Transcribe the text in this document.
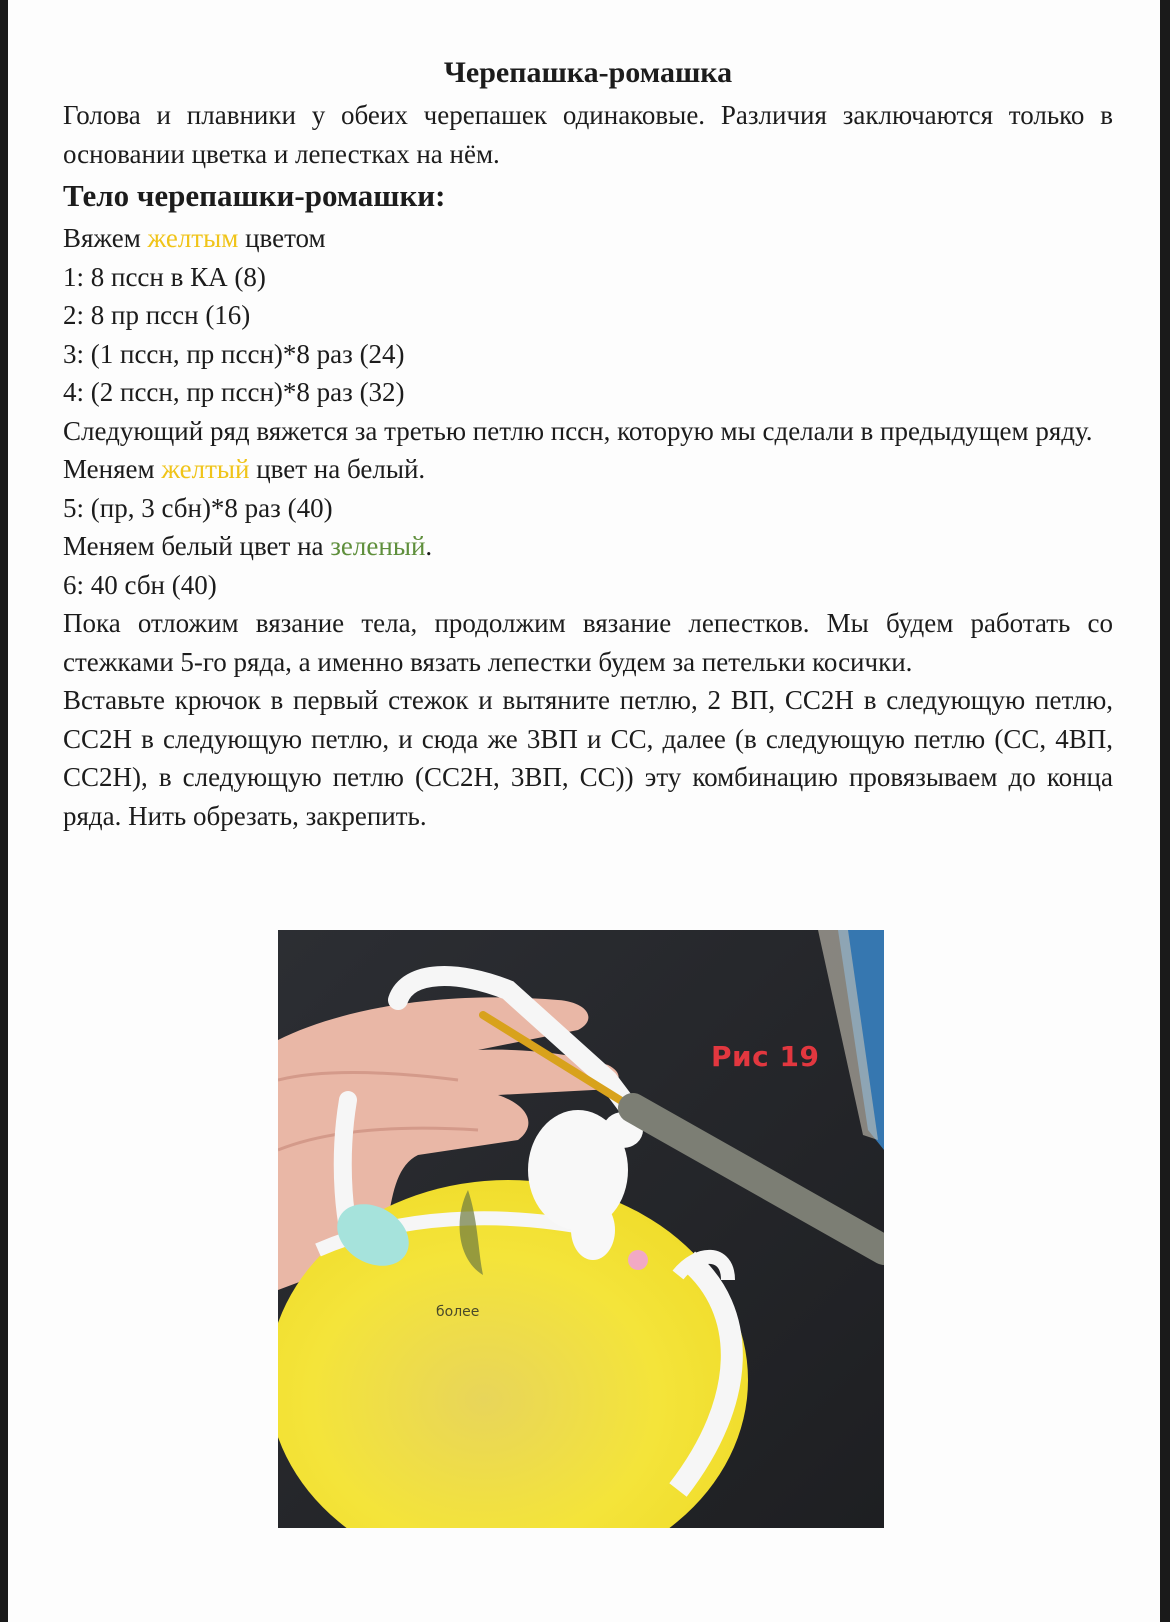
Черепашка-ромашка

Голова и плавники у обеих черепашек одинаковые. Различия заключаются только в основании цветка и лепестках на нём.

Тело черепашки-ромашки:

Вяжем желтым цветом

1: 8 пссн в КА (8)

2: 8 пр пссн (16)

3: (1 пссн, пр пссн)*8 раз (24)

4: (2 пссн, пр пссн)*8 раз (32)

Следующий ряд вяжется за третью петлю пссн, которую мы сделали в предыдущем ряду.

Меняем желтый цвет на белый.

5: (пр, 3 сбн)*8 раз (40)

Меняем белый цвет на зеленый.

6: 40 сбн (40)

Пока отложим вязание тела, продолжим вязание лепестков. Мы будем работать со стежками 5-го ряда, а именно вязать лепестки будем за петельки косички.

Вставьте крючок в первый стежок и вытяните петлю, 2 ВП, СС2Н в следующую петлю, СС2Н в следующую петлю, и сюда же 3ВП и СС, далее (в следующую петлю (СС, 4ВП, СС2Н), в следующую петлю (СС2Н, 3ВП, СС)) эту комбинацию провязываем до конца ряда. Нить обрезать, закрепить.

Рис 19
более
